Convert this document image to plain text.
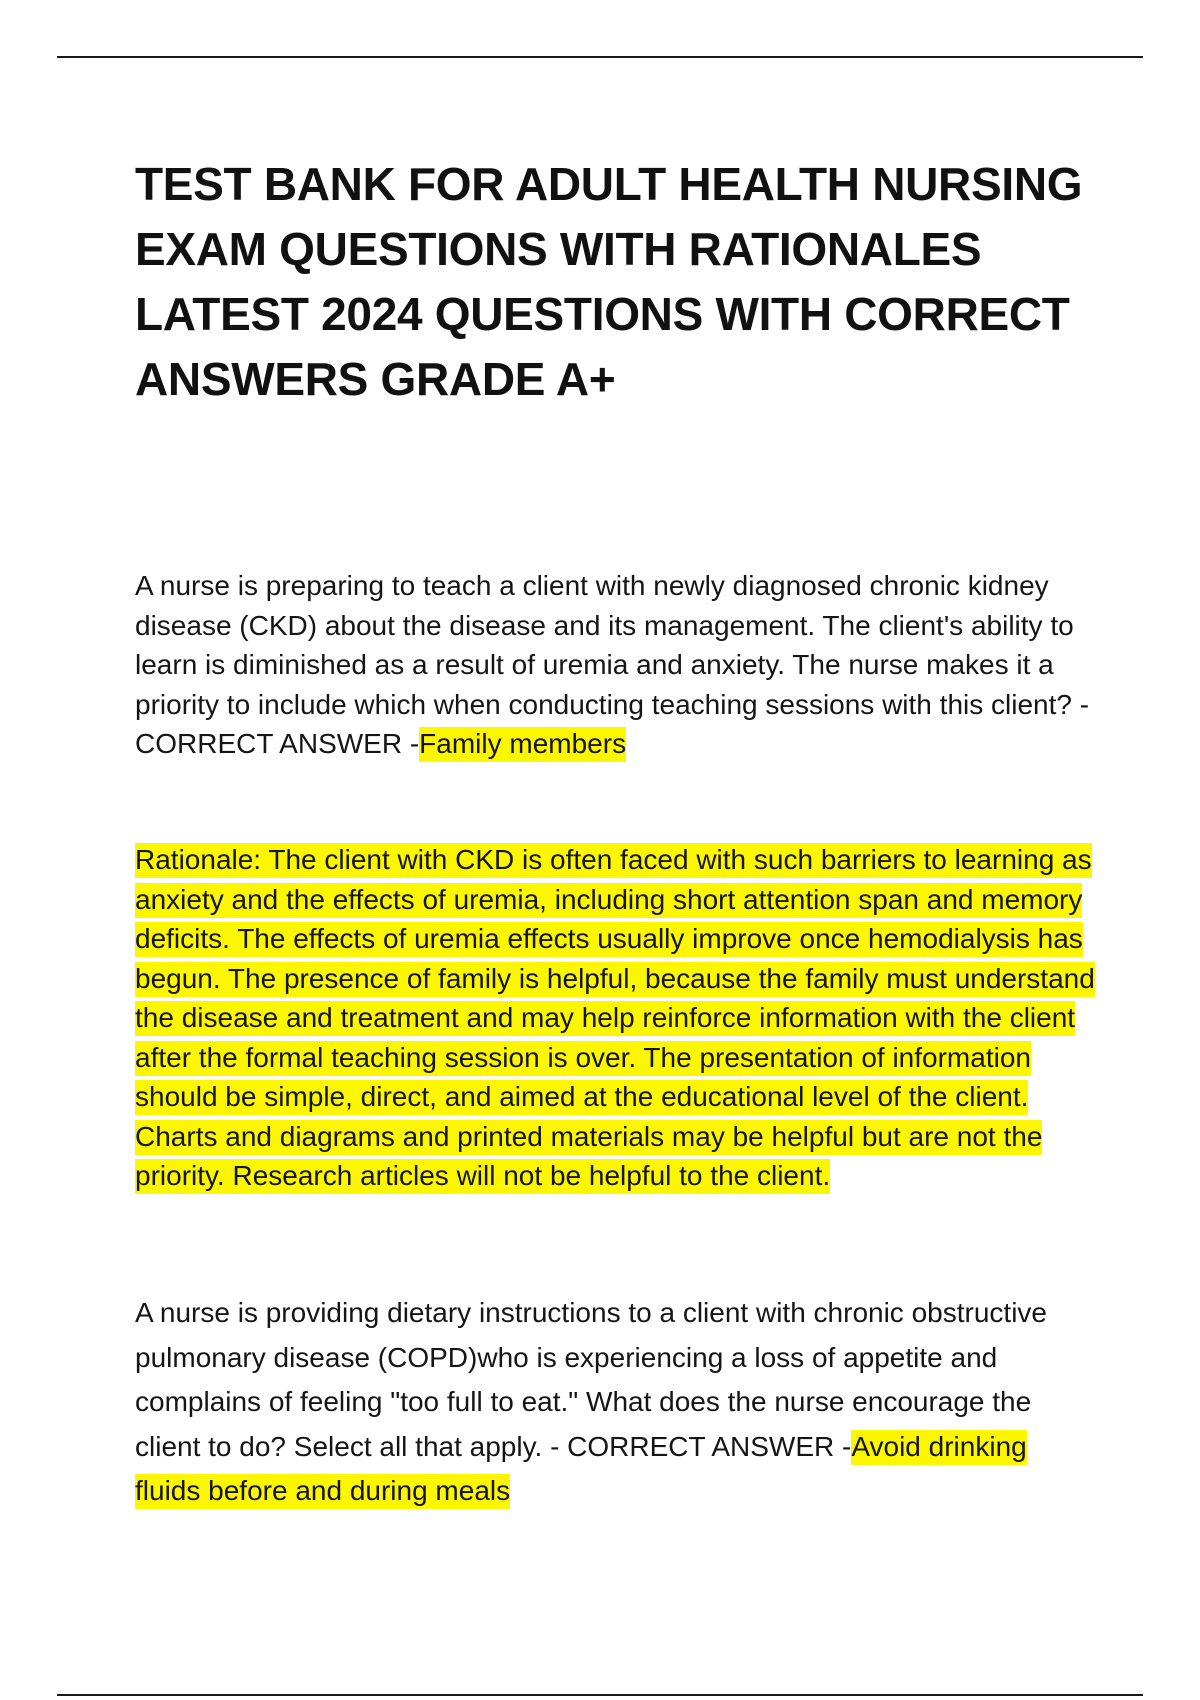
TEST BANK FOR ADULT HEALTH NURSING EXAM QUESTIONS WITH RATIONALES LATEST 2024 QUESTIONS WITH CORRECT ANSWERS GRADE A+

A nurse is preparing to teach a client with newly diagnosed chronic kidney disease (CKD) about the disease and its management. The client's ability to learn is diminished as a result of uremia and anxiety. The nurse makes it a priority to include which when conducting teaching sessions with this client? - CORRECT ANSWER -Family members

Rationale: The client with CKD is often faced with such barriers to learning as anxiety and the effects of uremia, including short attention span and memory deficits. The effects of uremia effects usually improve once hemodialysis has begun. The presence of family is helpful, because the family must understand the disease and treatment and may help reinforce information with the client after the formal teaching session is over. The presentation of information should be simple, direct, and aimed at the educational level of the client. Charts and diagrams and printed materials may be helpful but are not the priority. Research articles will not be helpful to the client.

A nurse is providing dietary instructions to a client with chronic obstructive pulmonary disease (COPD)who is experiencing a loss of appetite and complains of feeling "too full to eat." What does the nurse encourage the client to do? Select all that apply. - CORRECT ANSWER -Avoid drinking fluids before and during meals
